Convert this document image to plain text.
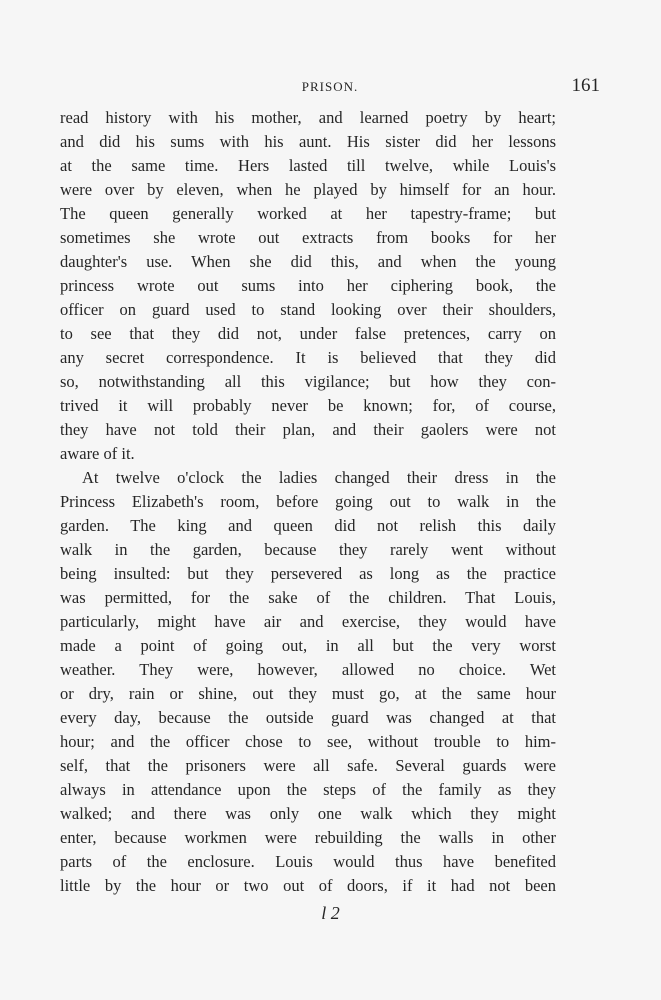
PRISON.	161
read history with his mother, and learned poetry by heart;
and did his sums with his aunt. His sister did her lessons
at the same time. Hers lasted till twelve, while Louis's
were over by eleven, when he played by himself for an hour.
The queen generally worked at her tapestry-frame; but
sometimes she wrote out extracts from books for her
daughter's use. When she did this, and when the young
princess wrote out sums into her ciphering book, the
officer on guard used to stand looking over their shoulders,
to see that they did not, under false pretences, carry on
any secret correspondence. It is believed that they did
so, notwithstanding all this vigilance; but how they con-
trived it will probably never be known; for, of course,
they have not told their plan, and their gaolers were not
aware of it.
At twelve o'clock the ladies changed their dress in the
Princess Elizabeth's room, before going out to walk in the
garden. The king and queen did not relish this daily
walk in the garden, because they rarely went without
being insulted: but they persevered as long as the practice
was permitted, for the sake of the children. That Louis,
particularly, might have air and exercise, they would have
made a point of going out, in all but the very worst
weather. They were, however, allowed no choice. Wet
or dry, rain or shine, out they must go, at the same hour
every day, because the outside guard was changed at that
hour; and the officer chose to see, without trouble to him-
self, that the prisoners were all safe. Several guards were
always in attendance upon the steps of the family as they
walked; and there was only one walk which they might
enter, because workmen were rebuilding the walls in other
parts of the enclosure. Louis would thus have benefited
little by the hour or two out of doors, if it had not been
l 2
